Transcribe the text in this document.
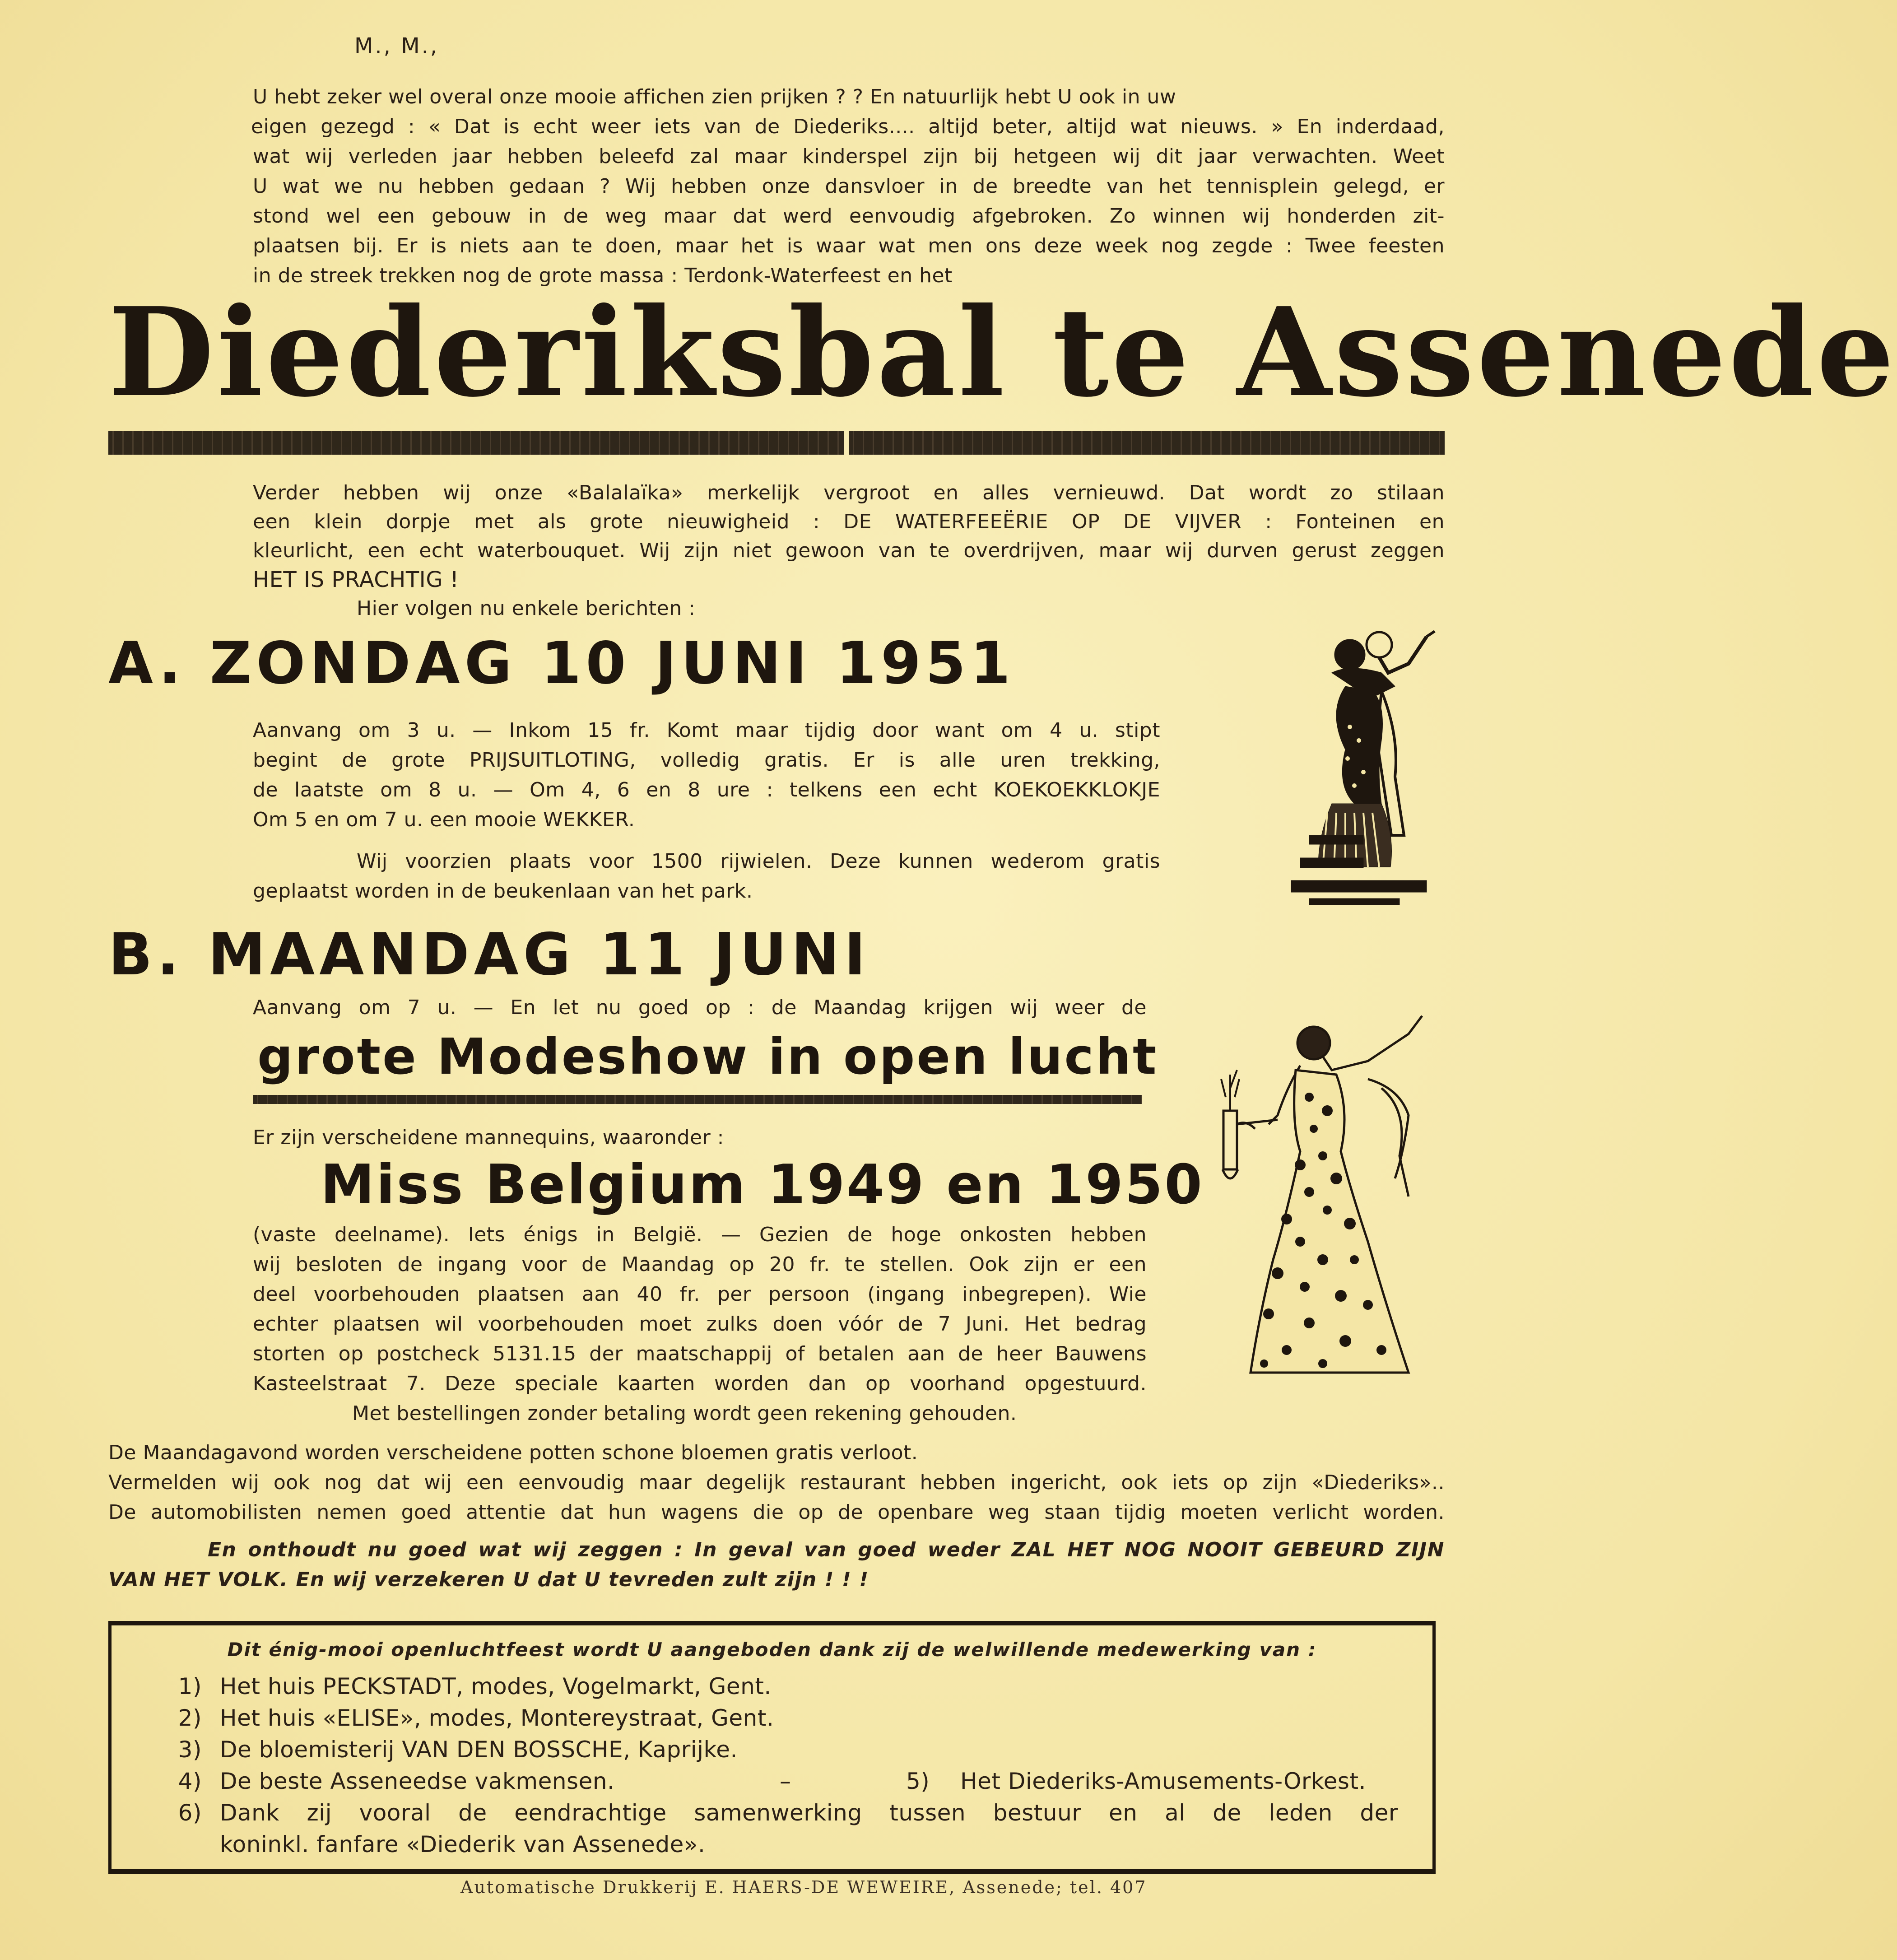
M., M.,
U hebt zeker wel overal onze mooie affichen zien prijken ? ? En natuurlijk hebt U ook in uw
eigen gezegd : « Dat is echt weer iets van de Diederiks.... altijd beter, altijd wat nieuws. » En inderdaad,
wat wij verleden jaar hebben beleefd zal maar kinderspel zijn bij hetgeen wij dit jaar verwachten. Weet
U wat we nu hebben gedaan ? Wij hebben onze dansvloer in de breedte van het tennisplein gelegd, er
stond wel een gebouw in de weg maar dat werd eenvoudig afgebroken. Zo winnen wij honderden zit-
plaatsen bij. Er is niets aan te doen, maar het is waar wat men ons deze week nog zegde : Twee feesten
in de streek trekken nog de grote massa : Terdonk-Waterfeest en het
Diederiksbal te Assenede
Verder hebben wij onze «Balalaïka» merkelijk vergroot en alles vernieuwd. Dat wordt zo stilaan
een klein dorpje met als grote nieuwigheid : DE WATERFEEËRIE OP DE VIJVER : Fonteinen en
kleurlicht, een echt waterbouquet. Wij zijn niet gewoon van te overdrijven, maar wij durven gerust zeggen
HET IS PRACHTIG !
Hier volgen nu enkele berichten :
A. ZONDAG 10 JUNI 1951
Aanvang om 3 u. — Inkom 15 fr. Komt maar tijdig door want om 4 u. stipt
begint de grote PRIJSUITLOTING, volledig gratis. Er is alle uren trekking,
de laatste om 8 u. — Om 4, 6 en 8 ure : telkens een echt KOEKOEKKLOKJE
Om 5 en om 7 u. een mooie WEKKER.
Wij voorzien plaats voor 1500 rijwielen. Deze kunnen wederom gratis
geplaatst worden in de beukenlaan van het park.
B. MAANDAG 11 JUNI
Aanvang om 7 u. — En let nu goed op : de Maandag krijgen wij weer de
grote Modeshow in open lucht
Er zijn verscheidene mannequins, waaronder :
Miss Belgium 1949 en 1950
(vaste deelname). Iets énigs in België. — Gezien de hoge onkosten hebben
wij besloten de ingang voor de Maandag op 20 fr. te stellen. Ook zijn er een
deel voorbehouden plaatsen aan 40 fr. per persoon (ingang inbegrepen). Wie
echter plaatsen wil voorbehouden moet zulks doen vóór de 7 Juni. Het bedrag
storten op postcheck 5131.15 der maatschappij of betalen aan de heer Bauwens
Kasteelstraat 7. Deze speciale kaarten worden dan op voorhand opgestuurd.
Met bestellingen zonder betaling wordt geen rekening gehouden.
De Maandagavond worden verscheidene potten schone bloemen gratis verloot.
Vermelden wij ook nog dat wij een eenvoudig maar degelijk restaurant hebben ingericht, ook iets op zijn «Diederiks»..
De automobilisten nemen goed attentie dat hun wagens die op de openbare weg staan tijdig moeten verlicht worden.
En onthoudt nu goed wat wij zeggen : In geval van goed weder ZAL HET NOG NOOIT GEBEURD ZIJN
VAN HET VOLK. En wij verzekeren U dat U tevreden zult zijn ! ! !
Dit énig-mooi openluchtfeest wordt U aangeboden dank zij de welwillende medewerking van :
1) Het huis PECKSTADT, modes, Vogelmarkt, Gent.
2) Het huis «ELISE», modes, Montereystraat, Gent.
3) De bloemisterij VAN DEN BOSSCHE, Kaprijke.
4) De beste Asseneedse vakmensen.	–	5) Het Diederiks-Amusements-Orkest.
6) Dank zij vooral de eendrachtige samenwerking tussen bestuur en al de leden der
koninkl. fanfare «Diederik van Assenede».
Automatische Drukkerij E. HAERS-DE WEWEIRE, Assenede; tel. 407
